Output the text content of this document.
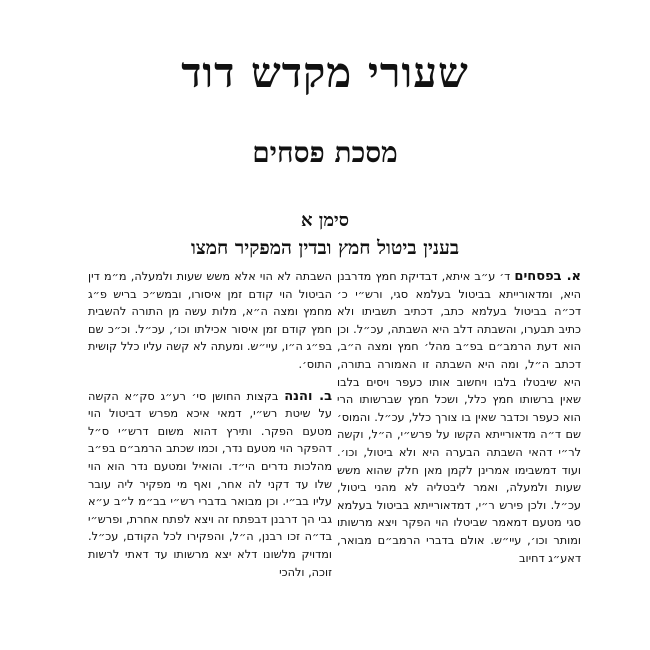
שעורי מקדש דוד
מסכת פסחים
סימן א
בענין ביטול חמץ ובדין המפקיר חמצו

א. בפסחים ד׳ ע״ב איתא, דבדיקת חמץ מדרבנן היא, ומדאורייתא בביטול בעלמא סגי, ורש״י כ׳ דכ״ה בביטול בעלמא כתב, דכתיב תשביתו ולא כתיב תבערו, והשבתה דלב היא השבתה, עכ״ל. וכן הוא דעת הרמב״ם בפ״ב מהל׳ חמץ ומצה ה״ב, דכתב ה״ל, ומה היא השבתה זו האמורה בתורה, היא שיבטלו בלבו ויחשוב אותו כעפר ויסים בלבו שאין ברשותו חמץ כלל, ושכל חמץ שברשותו הרי הוא כעפר וכדבר שאין בו צורך כלל, עכ״ל. והמוס׳ שם ד״ה מדאורייתא הקשו על פרש״י, ה״ל, וקשה לר״י דהאי השבתה הבערה היא ולא ביטול, וכו׳. ועוד דמשבימו אמרינן לקמן מאן חלק שהוא משש שעות ולמעלה, ואמר ליבטליה לא מהני ביטול, עכ״ל. ולכן פירש ר״י, דמדאורייתא בביטול בעלמא סגי מטעם דמאמר שביטלו הוי הפקר ויצא מרשותו ומותר וכו׳, עיי״ש. אולם בדברי הרמב״ם מבואר, דאע״ג דחיוב

השבתה לא הוי אלא משש שעות ולמעלה, מ״מ דין הביטול הוי קודם זמן איסורו, ובמש״כ בריש פ״ג מחמץ ומצה ה״א, מלות עשה מן התורה להשבית חמץ קודם זמן איסור אכילתו וכו׳, עכ״ל. וכ״כ שם בפ״ג ה״ו, עיי״ש. ומעתה לא קשה עליו כלל קושית התוס׳.

ב. והנה בקצות החושן סי׳ רע״ג סק״א הקשה על שיטת רש״י, דמאי איכא מפרש דביטול הוי מטעם הפקר. ותירץ דהוא משום דרש״י ס״ל דהפקר הוי מטעם נדר, וכמו שכתב הרמב״ם בפ״ב מהלכות נדרים הי״ד. והואיל ומטעם נדר הוא הוי שלו עד דקני לה אחר, ואף מי מפקיר ליה עובר עליו בב״י. וכן מבואר בדברי רש״י בב״מ ל״ב ע״א גבי הך דרבנן דבפתח זה ויצא לפתח אחרת, ופרש״י בד״ה זכו רבנן, ה״ל, והפקירו לכל הקודם, עכ״ל. ומדויק מלשונו דלא יצא מרשותו עד דאתי לרשות זוכה, ולהכי
